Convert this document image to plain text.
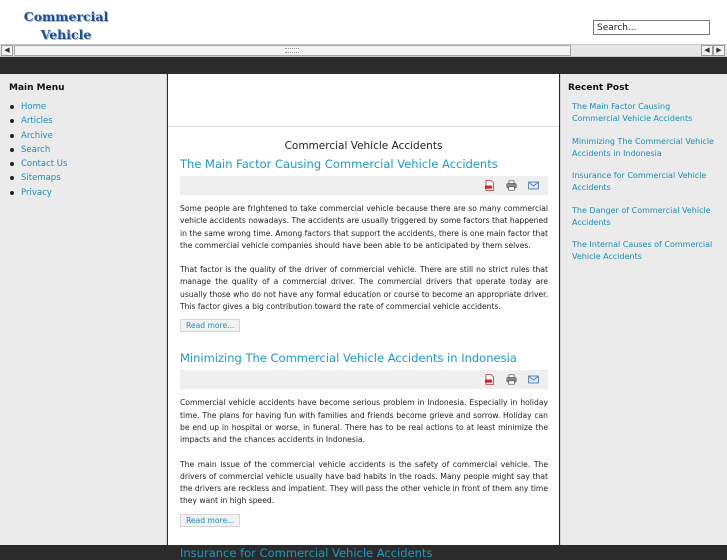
Commercial Vehicle
Search...
◀	◀ ▶
Main Menu
Home
Articles
Archive
Search
Contact Us
Sitemaps
Privacy
Commercial Vehicle Accidents
The Main Factor Causing Commercial Vehicle Accidents

Some people are frightened to take commercial vehicle because there are so many commercial vehicle accidents nowadays. The accidents are usually triggered by some factors that happened in the same wrong time. Among factors that support the accidents, there is one main factor that the commercial vehicle companies should have been able to be anticipated by them selves.

That factor is the quality of the driver of commercial vehicle. There are still no strict rules that manage the quality of a commercial driver. The commercial drivers that operate today are usually those who do not have any formal education or course to become an appropriate driver. This factor gives a big contribution toward the rate of commercial vehicle accidents.

Read more...
Minimizing The Commercial Vehicle Accidents in Indonesia

Commercial vehicle accidents have become serious problem in Indonesia. Especially in holiday time. The plans for having fun with families and friends become grieve and sorrow. Holiday can be end up in hospital or worse, in funeral. There has to be real actions to at least minimize the impacts and the chances accidents in Indonesia.

The main issue of the commercial vehicle accidents is the safety of commercial vehicle. The drivers of commercial vehicle usually have bad habits in the roads. Many people might say that the drivers are reckless and impatient. They will pass the other vehicle in front of them any time they want in high speed.

Read more...
Insurance for Commercial Vehicle Accidents
Recent Post
The Main Factor Causing Commercial Vehicle Accidents
Minimizing The Commercial Vehicle Accidents in Indonesia
Insurance for Commercial Vehicle Accidents
The Danger of Commercial Vehicle Accidents
The Internal Causes of Commercial Vehicle Accidents
